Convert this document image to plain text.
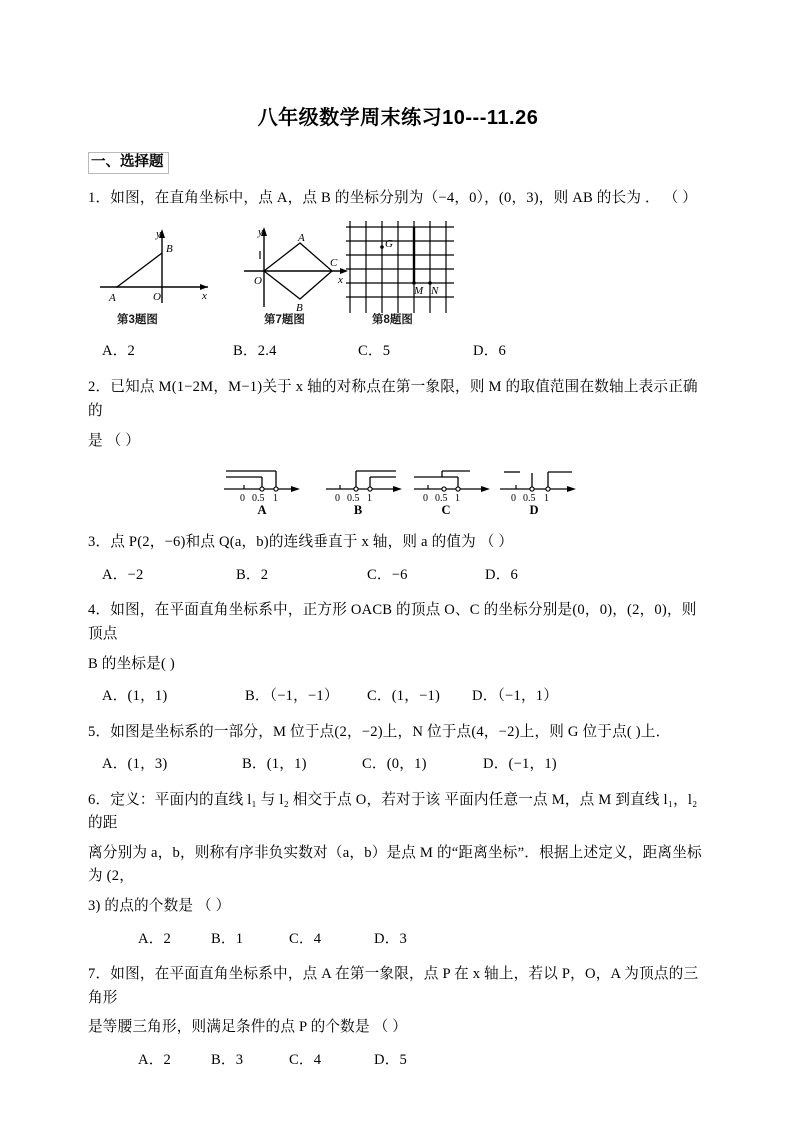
八年级数学周末练习10---11.26
一、选择题
1．如图，在直角坐标中，点 A，点 B 的坐标分别为（−4，0），(0，3)，则 AB 的长为 ． （ ）
y
x
O
A
B
第3题图
y
x
O
A
B
C
第7题图
G
M N
第8题图
A．2	B．2.4	C．5	D．6
2．已知点 M(1−2M，M−1)关于 x 轴的对称点在第一象限，则 M 的取值范围在数轴上表示正确的
是 （ ）
0 0.5 1
A
0 0.5 1
B
0 0.5 1
C
0 0.5 1
D
3．点 P(2，−6)和点 Q(a，b)的连线垂直于 x 轴，则 a 的值为 （ ）
A．−2	B．2	C．−6	D．6
4．如图，在平面直角坐标系中，正方形 OACB 的顶点 O、C 的坐标分别是(0，0)，(2，0)，则顶点
B 的坐标是( )
A．(1，1)	B．（−1，−1）	C．(1，−1)	D．（−1，1）
5．如图是坐标系的一部分，M 位于点(2，−2)上，N 位于点(4，−2)上，则 G 位于点( )上．
A．(1，3)	B．(1，1)	C．(0，1)	D．(−1，1)
6．定义：平面内的直线 l₁ 与 l₂ 相交于点 O，若对于该 平面内任意一点 M，点 M 到直线 l₁，l₂ 的距
离分别为 a，b，则称有序非负实数对（a，b）是点 M 的“距离坐标”．根据上述定义，距离坐标为 (2，
3) 的点的个数是 （ ）
A．2	B．1	C．4	D．3
7．如图，在平面直角坐标系中，点 A 在第一象限，点 P 在 x 轴上，若以 P，O，A 为顶点的三角形
是等腰三角形，则满足条件的点 P 的个数是 （ ）
A．2	B．3	C．4	D．5
